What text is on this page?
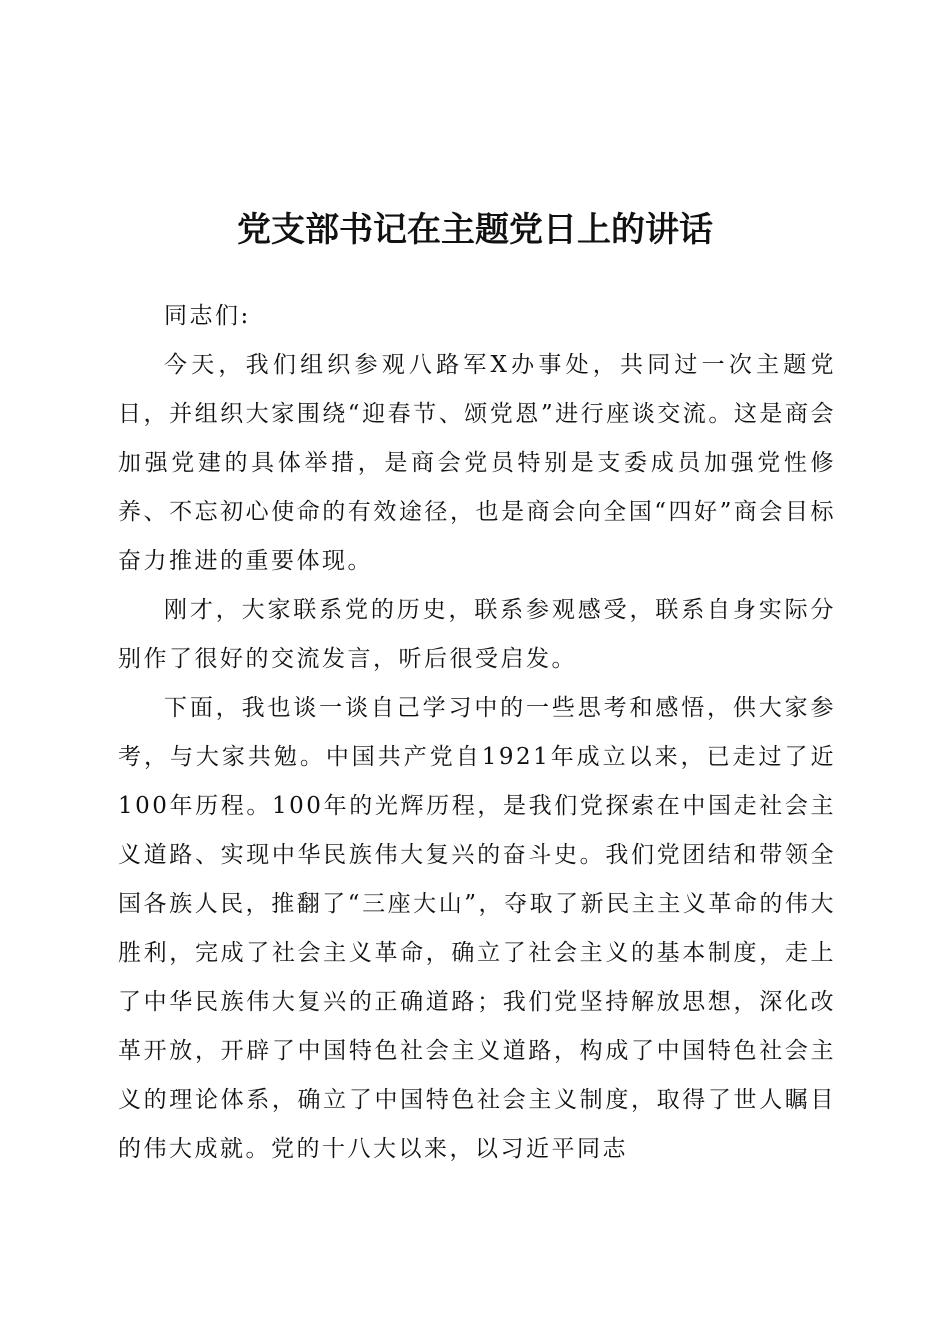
党支部书记在主题党日上的讲话

同志们:

今天，我们组织参观八路军X办事处，共同过一次主题党日，并组织大家围绕“迎春节、颂党恩”进行座谈交流。这是商会加强党建的具体举措，是商会党员特别是支委成员加强党性修养、不忘初心使命的有效途径，也是商会向全国“四好”商会目标奋力推进的重要体现。

刚才，大家联系党的历史，联系参观感受，联系自身实际分别作了很好的交流发言，听后很受启发。

下面，我也谈一谈自己学习中的一些思考和感悟，供大家参考，与大家共勉。中国共产党自1921年成立以来，已走过了近100年历程。100年的光辉历程，是我们党探索在中国走社会主义道路、实现中华民族伟大复兴的奋斗史。我们党团结和带领全国各族人民，推翻了“三座大山”，夺取了新民主主义革命的伟大胜利，完成了社会主义革命，确立了社会主义的基本制度，走上了中华民族伟大复兴的正确道路；我们党坚持解放思想，深化改革开放，开辟了中国特色社会主义道路，构成了中国特色社会主义的理论体系，确立了中国特色社会主义制度，取得了世人瞩目的伟大成就。党的十八大以来，以习近平同志
